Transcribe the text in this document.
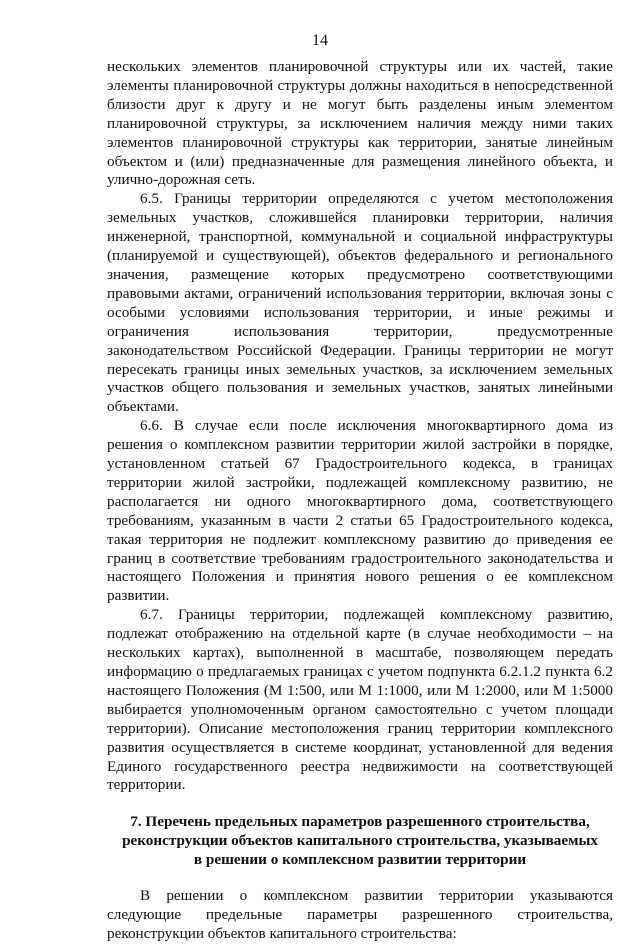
14

нескольких элементов планировочной структуры или их частей, такие элементы планировочной структуры должны находиться в непосредственной близости друг к другу и не могут быть разделены иным элементом планировочной структуры, за исключением наличия между ними таких элементов планировочной структуры как территории, занятые линейным объектом и (или) предназначенные для размещения линейного объекта, и улично-дорожная сеть.

6.5. Границы территории определяются с учетом местоположения земельных участков, сложившейся планировки территории, наличия инженерной, транспортной, коммунальной и социальной инфраструктуры (планируемой и существующей), объектов федерального и регионального значения, размещение которых предусмотрено соответствующими правовыми актами, ограничений использования территории, включая зоны с особыми условиями использования территории, и иные режимы и ограничения использования территории, предусмотренные законодательством Российской Федерации. Границы территории не могут пересекать границы иных земельных участков, за исключением земельных участков общего пользования и земельных участков, занятых линейными объектами.

6.6. В случае если после исключения многоквартирного дома из решения о комплексном развитии территории жилой застройки в порядке, установленном статьей 67 Градостроительного кодекса, в границах территории жилой застройки, подлежащей комплексному развитию, не располагается ни одного многоквартирного дома, соответствующего требованиям, указанным в части 2 статьи 65 Градостроительного кодекса, такая территория не подлежит комплексному развитию до приведения ее границ в соответствие требованиям градостроительного законодательства и настоящего Положения и принятия нового решения о ее комплексном развитии.

6.7. Границы территории, подлежащей комплексному развитию, подлежат отображению на отдельной карте (в случае необходимости – на нескольких картах), выполненной в масштабе, позволяющем передать информацию о предлагаемых границах с учетом подпункта 6.2.1.2 пункта 6.2 настоящего Положения (М 1:500, или М 1:1000, или М 1:2000, или М 1:5000 выбирается уполномоченным органом самостоятельно с учетом площади территории). Описание местоположения границ территории комплексного развития осуществляется в системе координат, установленной для ведения Единого государственного реестра недвижимости на соответствующей территории.

7. Перечень предельных параметров разрешенного строительства,
реконструкции объектов капитального строительства, указываемых
в решении о комплексном развитии территории

В решении о комплексном развитии территории указываются следующие предельные параметры разрешенного строительства, реконструкции объектов капитального строительства:
